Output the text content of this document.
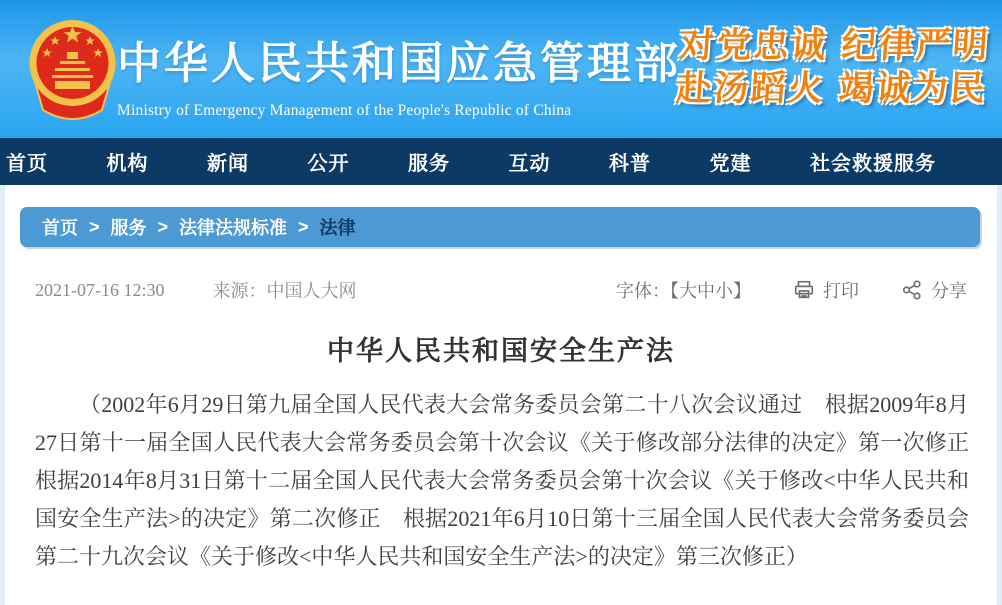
中华人民共和国应急管理部
Ministry of Emergency Management of the People's Republic of China
对党忠诚 纪律严明
赴汤蹈火 竭诚为民
首页	机构	新闻	公开	服务	互动	科普	党建	社会救援服务
首页 > 服务 > 法律法规标准 > 法律
2021-07-16 12:30	来源：中国人大网	字体：【大中小】	打印	分享
中华人民共和国安全生产法

（2002年6月29日第九届全国人民代表大会常务委员会第二十八次会议通过　根据2009年8月27日第十一届全国人民代表大会常务委员会第十次会议《关于修改部分法律的决定》第一次修正　根据2014年8月31日第十二届全国人民代表大会常务委员会第十次会议《关于修改<中华人民共和国安全生产法>的决定》第二次修正　根据2021年6月10日第十三届全国人民代表大会常务委员会第二十九次会议《关于修改<中华人民共和国安全生产法>的决定》第三次修正）
